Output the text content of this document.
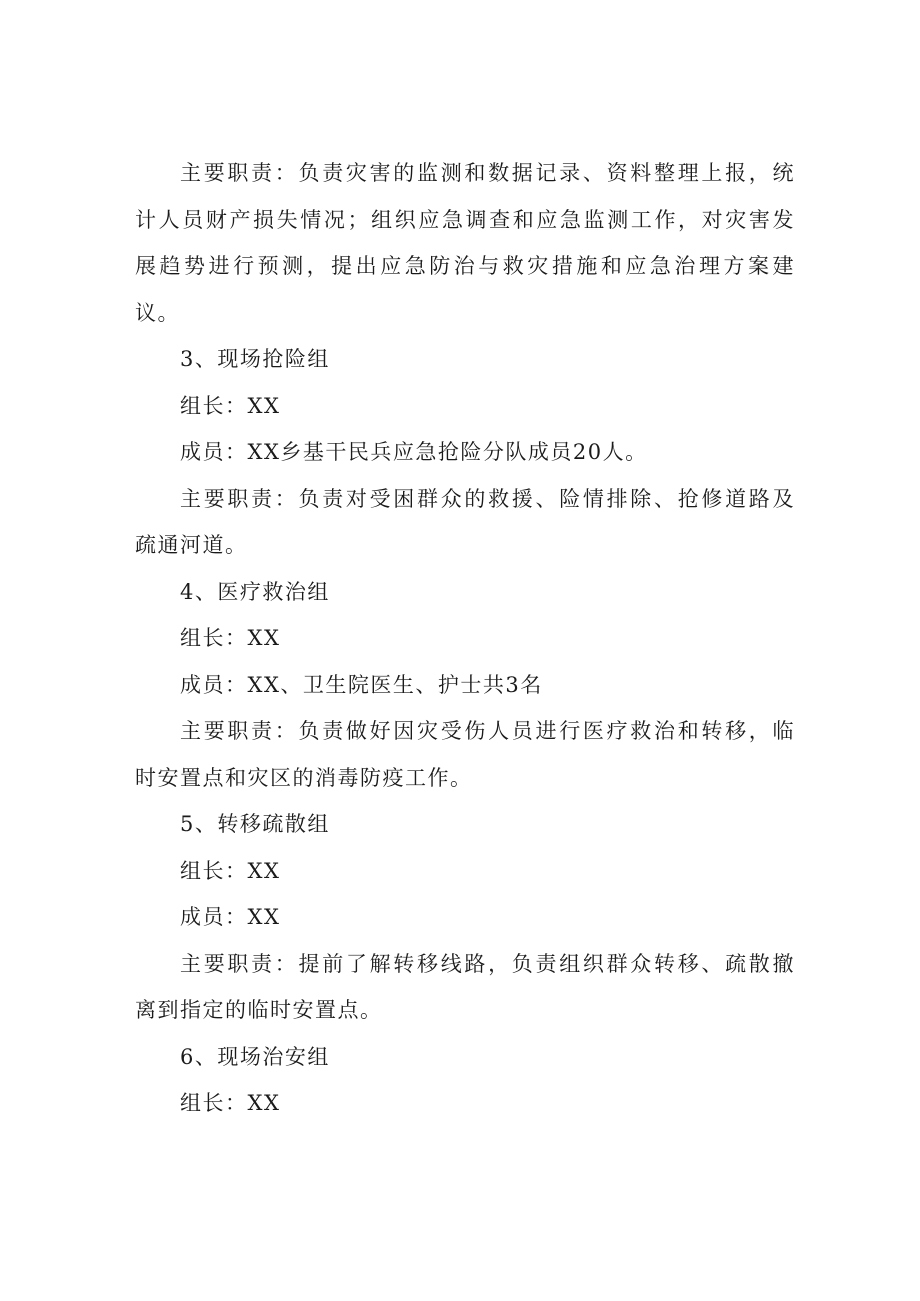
主要职责：负责灾害的监测和数据记录、资料整理上报，统
计人员财产损失情况；组织应急调查和应急监测工作，对灾害发
展趋势进行预测，提出应急防治与救灾措施和应急治理方案建
议。
3、现场抢险组
组长：XX
成员：XX乡基干民兵应急抢险分队成员20人。
主要职责：负责对受困群众的救援、险情排除、抢修道路及
疏通河道。
4、医疗救治组
组长：XX
成员：XX、卫生院医生、护士共3名
主要职责：负责做好因灾受伤人员进行医疗救治和转移，临
时安置点和灾区的消毒防疫工作。
5、转移疏散组
组长：XX
成员：XX
主要职责：提前了解转移线路，负责组织群众转移、疏散撤
离到指定的临时安置点。
6、现场治安组
组长：XX
